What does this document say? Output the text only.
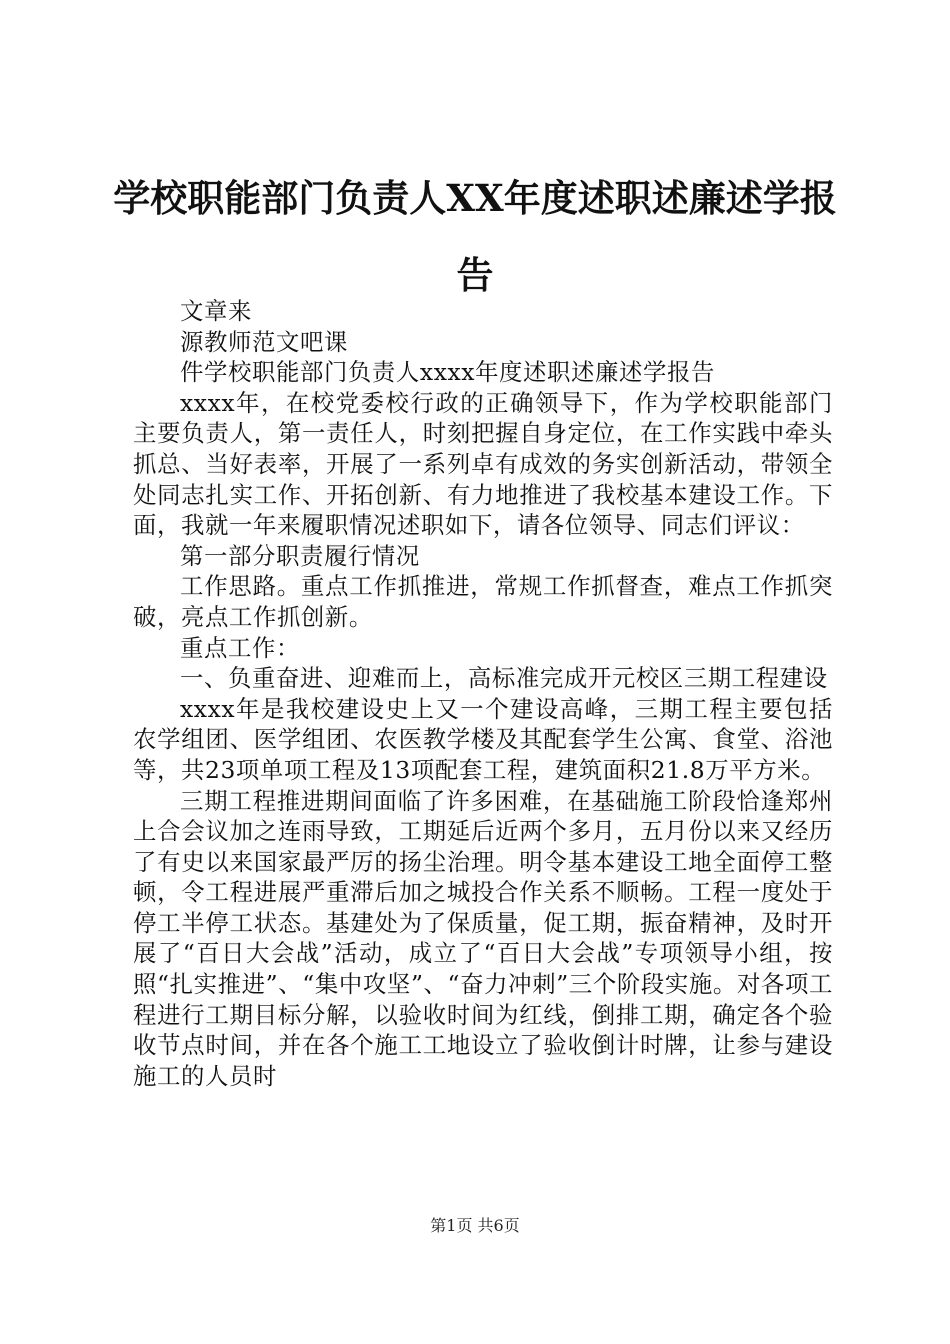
学校职能部门负责人XX年度述职述廉述学报告

文章来

源教师范文吧课

件学校职能部门负责人xxxx年度述职述廉述学报告

xxxx年，在校党委校行政的正确领导下，作为学校职能部门主要负责人，第一责任人，时刻把握自身定位，在工作实践中牵头抓总、当好表率，开展了一系列卓有成效的务实创新活动，带领全处同志扎实工作、开拓创新、有力地推进了我校基本建设工作。下面，我就一年来履职情况述职如下，请各位领导、同志们评议：

第一部分职责履行情况

工作思路。重点工作抓推进，常规工作抓督查，难点工作抓突破，亮点工作抓创新。

重点工作：

一、负重奋进、迎难而上，高标准完成开元校区三期工程建设

xxxx年是我校建设史上又一个建设高峰，三期工程主要包括农学组团、医学组团、农医教学楼及其配套学生公寓、食堂、浴池等，共23项单项工程及13项配套工程，建筑面积21.8万平方米。

三期工程推进期间面临了许多困难，在基础施工阶段恰逢郑州上合会议加之连雨导致，工期延后近两个多月，五月份以来又经历了有史以来国家最严厉的扬尘治理。明令基本建设工地全面停工整顿，令工程进展严重滞后加之城投合作关系不顺畅。工程一度处于停工半停工状态。基建处为了保质量，促工期，振奋精神，及时开展了“百日大会战”活动，成立了“百日大会战”专项领导小组，按照“扎实推进”、“集中攻坚”、“奋力冲刺”三个阶段实施。对各项工程进行工期目标分解，以验收时间为红线，倒排工期，确定各个验收节点时间，并在各个施工工地设立了验收倒计时牌，让参与建设施工的人员时

第1页 共6页
